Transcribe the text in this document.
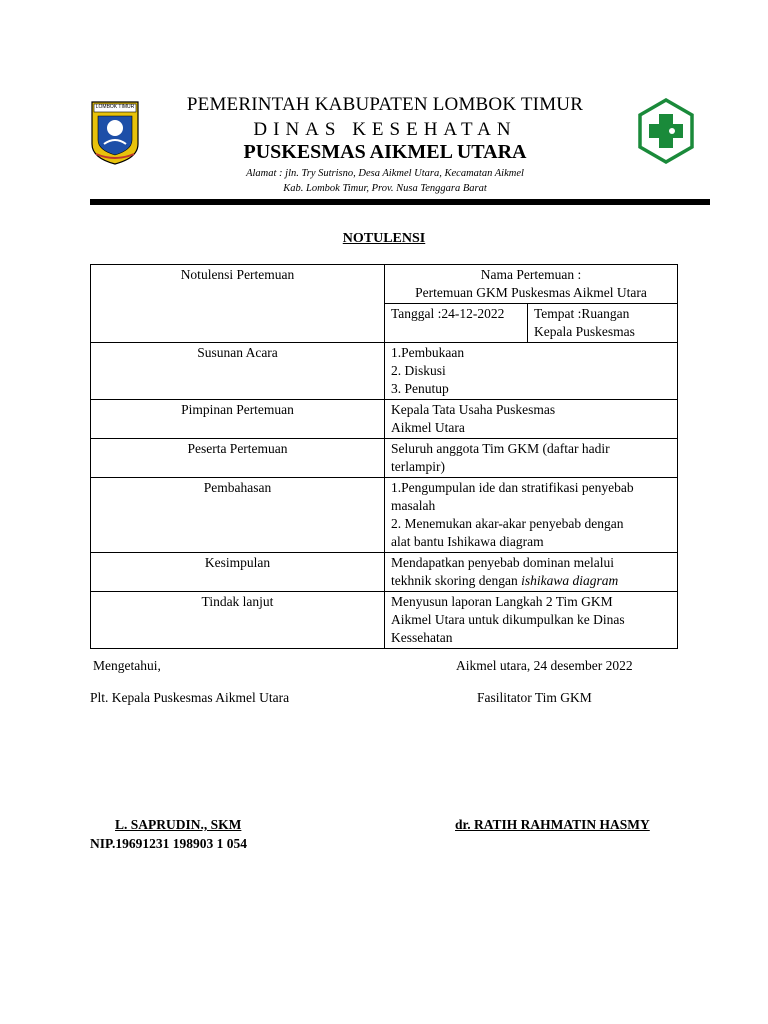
LOMBOK TIMUR	PEMERINTAH KABUPATEN LOMBOK TIMUR
DINAS KESEHATAN
PUSKESMAS AIKMEL UTARA
Alamat : jln. Try Sutrisno, Desa Aikmel Utara, Kecamatan Aikmel
Kab. Lombok Timur, Prov. Nusa Tenggara Barat
NOTULENSI
Notulensi Pertemuan	Nama Pertemuan :
Pertemuan GKM Puskesmas Aikmel Utara	

	Tanggal :24-12-2022	Tempat :Ruangan
Kepala Puskesmas

Susunan Acara	1.Pembukaan
2. Diskusi
3. Penutup	

Pimpinan Pertemuan	Kepala Tata Usaha Puskesmas
Aikmel Utara	

Peserta Pertemuan	Seluruh anggota Tim GKM (daftar hadir
terlampir)	

Pembahasan	1.Pengumpulan ide dan stratifikasi penyebab
masalah
2. Menemukan akar-akar penyebab dengan
alat bantu Ishikawa diagram	

Kesimpulan	Mendapatkan penyebab dominan melalui
tekhnik skoring dengan ishikawa diagram	

Tindak lanjut	Menyusun laporan Langkah 2 Tim GKM
Aikmel Utara untuk dikumpulkan ke Dinas
Kessehatan	
Mengetahui,	Aikmel utara, 24 desember 2022
Plt. Kepala Puskesmas Aikmel Utara	Fasilitator Tim GKM
L. SAPRUDIN., SKM
NIP.19691231 198903 1 054
dr. RATIH RAHMATIN HASMY
